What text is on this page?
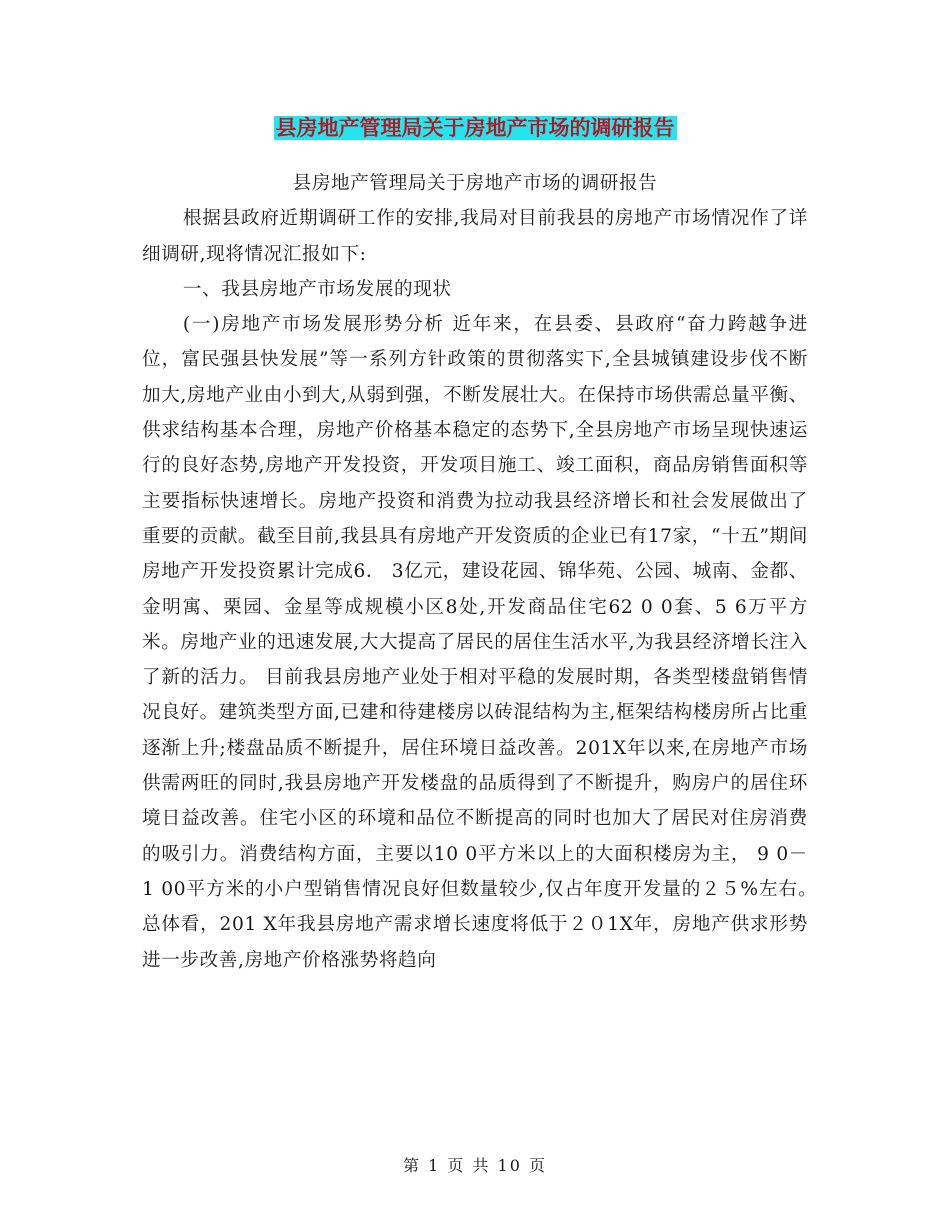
县房地产管理局关于房地产市场的调研报告

县房地产管理局关于房地产市场的调研报告

根据县政府近期调研工作的安排,我局对目前我县的房地产市场情况作了详细调研,现将情况汇报如下:

一、我县房地产市场发展的现状

(一)房地产市场发展形势分析 近年来，在县委、县政府“奋力跨越争进位，富民强县快发展”等一系列方针政策的贯彻落实下,全县城镇建设步伐不断加大,房地产业由小到大,从弱到强，不断发展壮大。在保持市场供需总量平衡、供求结构基本合理，房地产价格基本稳定的态势下,全县房地产市场呈现快速运行的良好态势,房地产开发投资，开发项目施工、竣工面积，商品房销售面积等主要指标快速增长。房地产投资和消费为拉动我县经济增长和社会发展做出了重要的贡献。截至目前,我县具有房地产开发资质的企业已有17家，“十五”期间房地产开发投资累计完成6． 3亿元，建设花园、锦华苑、公园、城南、金都、金明寓、栗园、金星等成规模小区8处,开发商品住宅62 0 0套、5 6万平方米。房地产业的迅速发展,大大提高了居民的居住生活水平,为我县经济增长注入了新的活力。 目前我县房地产业处于相对平稳的发展时期，各类型楼盘销售情况良好。建筑类型方面,已建和待建楼房以砖混结构为主,框架结构楼房所占比重逐渐上升;楼盘品质不断提升，居住环境日益改善。201X年以来,在房地产市场供需两旺的同时,我县房地产开发楼盘的品质得到了不断提升，购房户的居住环境日益改善。住宅小区的环境和品位不断提高的同时也加大了居民对住房消费的吸引力。消费结构方面，主要以10 0平方米以上的大面积楼房为主， 9 0－1 00平方米的小户型销售情况良好但数量较少,仅占年度开发量的２５%左右。　总体看，201 X年我县房地产需求增长速度将低于２０1X年，房地产供求形势进一步改善,房地产价格涨势将趋向

第 1 页 共 10 页
